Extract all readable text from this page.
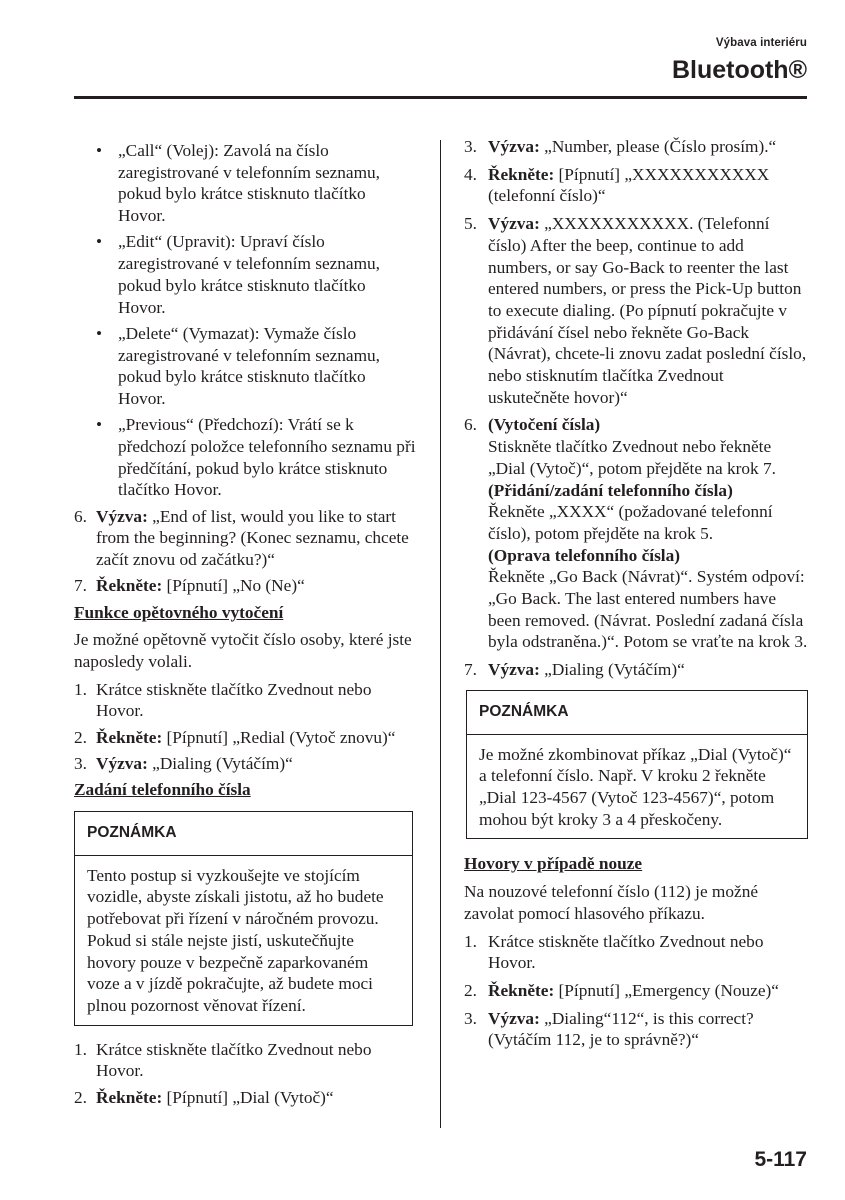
Výbava interiéru
Bluetooth®
• „Call“ (Volej): Zavolá na číslo zaregistrované v telefonním seznamu, pokud bylo krátce stisknuto tlačítko Hovor.
• „Edit“ (Upravit): Upraví číslo zaregistrované v telefonním seznamu, pokud bylo krátce stisknuto tlačítko Hovor.
• „Delete“ (Vymazat): Vymaže číslo zaregistrované v telefonním seznamu, pokud bylo krátce stisknuto tlačítko Hovor.
• „Previous“ (Předchozí): Vrátí se k předchozí položce telefonního seznamu při předčítání, pokud bylo krátce stisknuto tlačítko Hovor.
6. Výzva: „End of list, would you like to start from the beginning? (Konec seznamu, chcete začít znovu od začátku?)“
7. Řekněte: [Pípnutí] „No (Ne)“
Funkce opětovného vytočení
Je možné opětovně vytočit číslo osoby, které jste naposledy volali.
1. Krátce stiskněte tlačítko Zvednout nebo Hovor.
2. Řekněte: [Pípnutí] „Redial (Vytoč znovu)“
3. Výzva: „Dialing (Vytáčím)“
Zadání telefonního čísla
POZNÁMKA
Tento postup si vyzkoušejte ve stojícím vozidle, abyste získali jistotu, až ho budete potřebovat při řízení v náročném provozu. Pokud si stále nejste jistí, uskutečňujte hovory pouze v bezpečně zaparkovaném voze a v jízdě pokračujte, až budete moci plnou pozornost věnovat řízení.
1. Krátce stiskněte tlačítko Zvednout nebo Hovor.
2. Řekněte: [Pípnutí] „Dial (Vytoč)“
3. Výzva: „Number, please (Číslo prosím).“
4. Řekněte: [Pípnutí] „XXXXXXXXXXX (telefonní číslo)“
5. Výzva: „XXXXXXXXXXX. (Telefonní číslo) After the beep, continue to add numbers, or say Go-Back to reenter the last entered numbers, or press the Pick-Up button to execute dialing. (Po pípnutí pokračujte v přidávání čísel nebo řekněte Go-Back (Návrat), chcete-li znovu zadat poslední číslo, nebo stisknutím tlačítka Zvednout uskutečněte hovor)“
6. (Vytočení čísla)
Stiskněte tlačítko Zvednout nebo řekněte „Dial (Vytoč)“, potom přejděte na krok 7.
(Přidání/zadání telefonního čísla)
Řekněte „XXXX“ (požadované telefonní číslo), potom přejděte na krok 5.
(Oprava telefonního čísla)
Řekněte „Go Back (Návrat)“. Systém odpoví: „Go Back. The last entered numbers have been removed. (Návrat. Poslední zadaná čísla byla odstraněna.)“. Potom se vraťte na krok 3.
7. Výzva: „Dialing (Vytáčím)“
POZNÁMKA
Je možné zkombinovat příkaz „Dial (Vytoč)“ a telefonní číslo. Např. V kroku 2 řekněte „Dial 123-4567 (Vytoč 123-4567)“, potom mohou být kroky 3 a 4 přeskočeny.
Hovory v případě nouze
Na nouzové telefonní číslo (112) je možné zavolat pomocí hlasového příkazu.
1. Krátce stiskněte tlačítko Zvednout nebo Hovor.
2. Řekněte: [Pípnutí] „Emergency (Nouze)“
3. Výzva: „Dialing“112“, is this correct? (Vytáčím 112, je to správně?)“
5-117
